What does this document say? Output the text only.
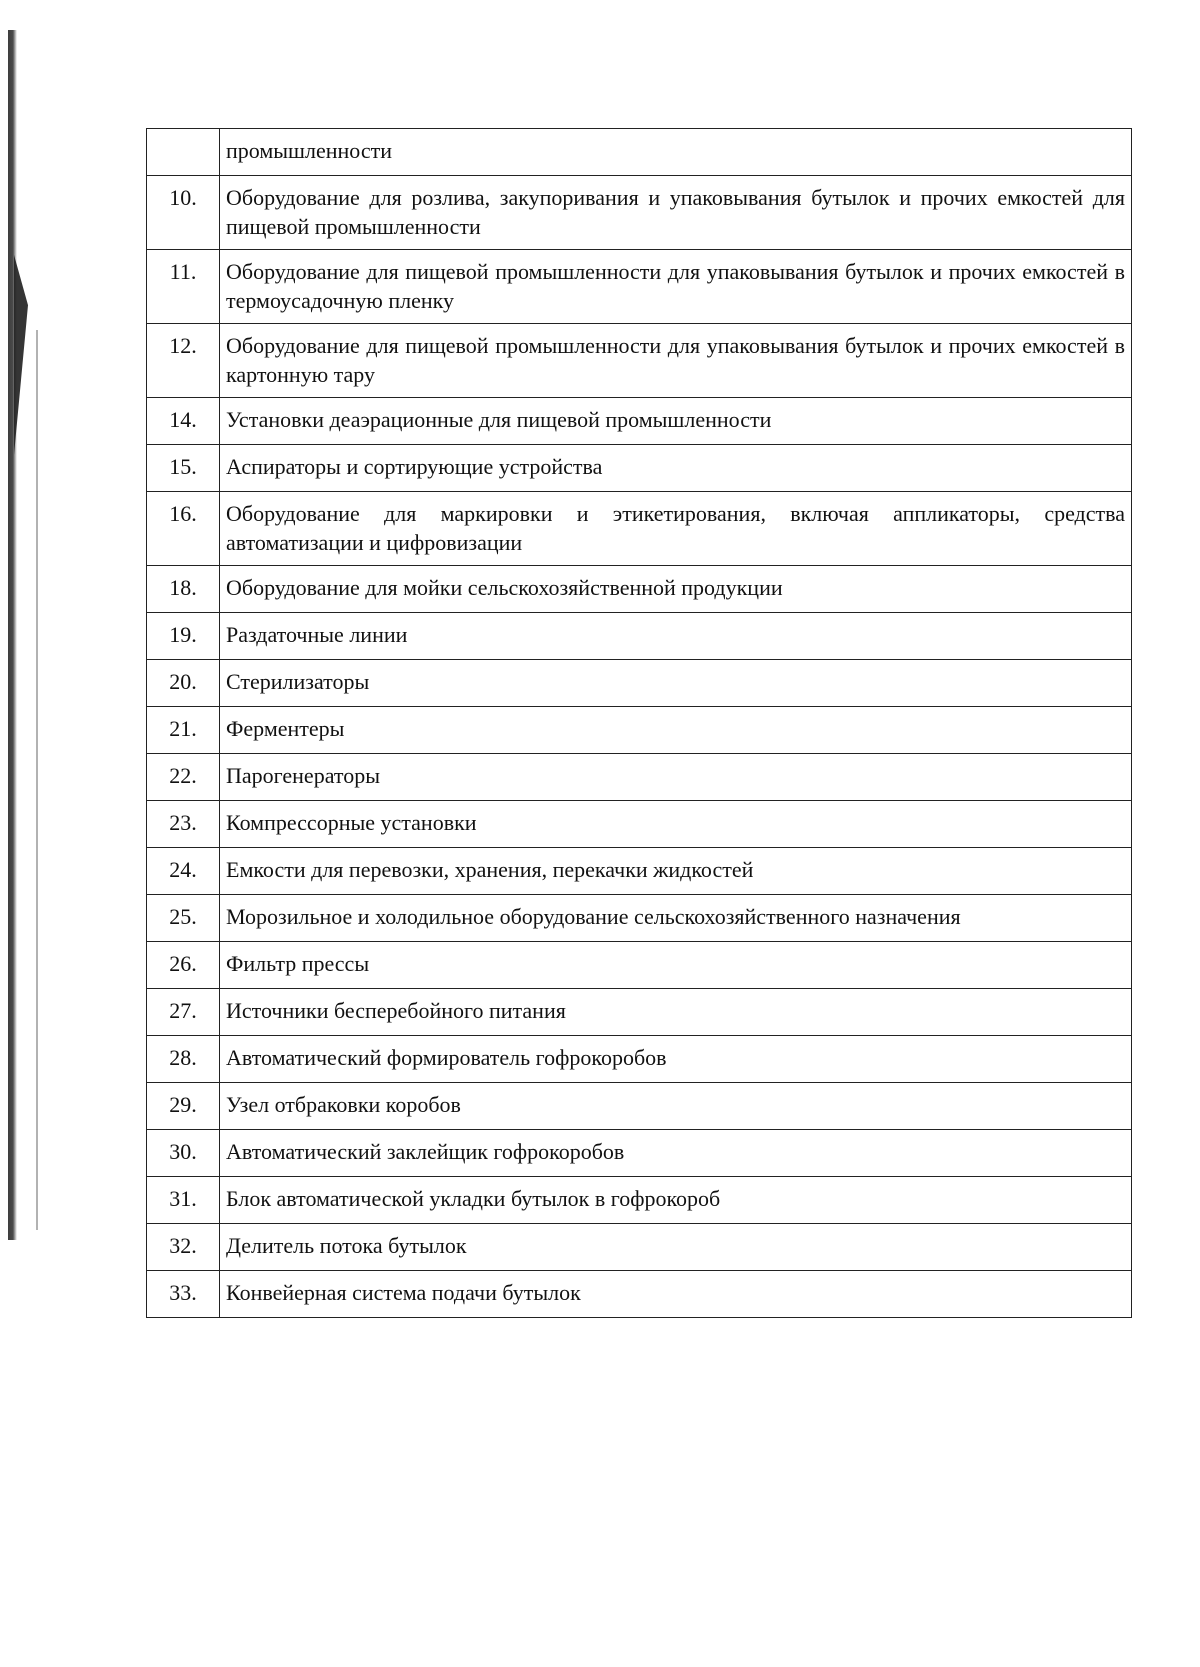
	промышленности
10.	Оборудование для розлива, закупоривания и упаковывания бутылок и прочих емкостей для пищевой промышленности
11.	Оборудование для пищевой промышленности для упаковывания бутылок и прочих емкостей в термоусадочную пленку
12.	Оборудование для пищевой промышленности для упаковывания бутылок и прочих емкостей в картонную тару
14.	Установки деаэрационные для пищевой промышленности
15.	Аспираторы и сортирующие устройства
16.	Оборудование для маркировки и этикетирования, включая аппликаторы, средства автоматизации и цифровизации
18.	Оборудование для мойки сельскохозяйственной продукции
19.	Раздаточные линии
20.	Стерилизаторы
21.	Ферментеры
22.	Парогенераторы
23.	Компрессорные установки
24.	Емкости для перевозки, хранения, перекачки жидкостей
25.	Морозильное и холодильное оборудование сельскохозяйственного назначения
26.	Фильтр прессы
27.	Источники бесперебойного питания
28.	Автоматический формирователь гофрокоробов
29.	Узел отбраковки коробов
30.	Автоматический заклейщик гофрокоробов
31.	Блок автоматической укладки бутылок в гофрокороб
32.	Делитель потока бутылок
33.	Конвейерная система подачи бутылок
